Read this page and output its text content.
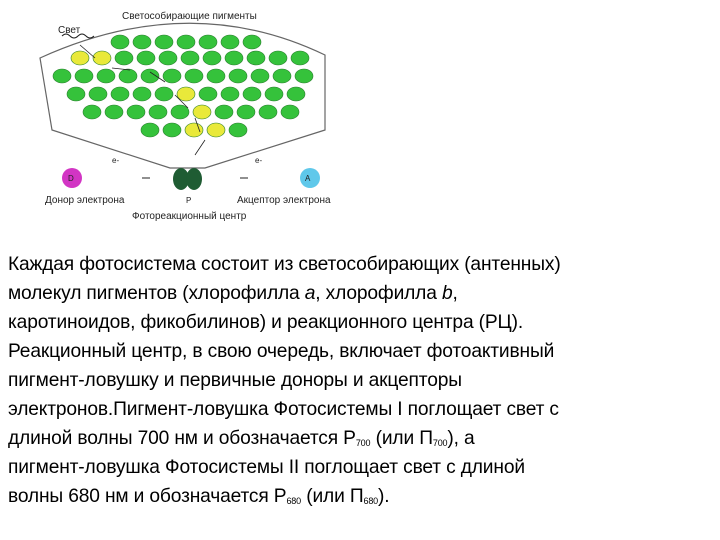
Свет
Светособирающие пигменты
D
Донор электрона
A
Акцептор электрона
e-	e-
P
Фотореакционный центр
Каждая фотосистема состоит из светособирающих (антенных)
молекул пигментов (хлорофилла a, хлорофилла b,
каротиноидов, фикобилинов) и реакционного центра (РЦ).
Реакционный центр, в свою очередь, включает фотоактивный
пигмент-ловушку и первичные доноры и акцепторы
электронов.Пигмент-ловушка Фотосистемы I поглощает свет с
длиной волны 700 нм и обозначается $Р_{700}$ (или $П_{700}$), а
пигмент-ловушка Фотосистемы II поглощает свет с длиной
волны 680 нм и обозначается $Р_{680}$ (или $П_{680}$).
